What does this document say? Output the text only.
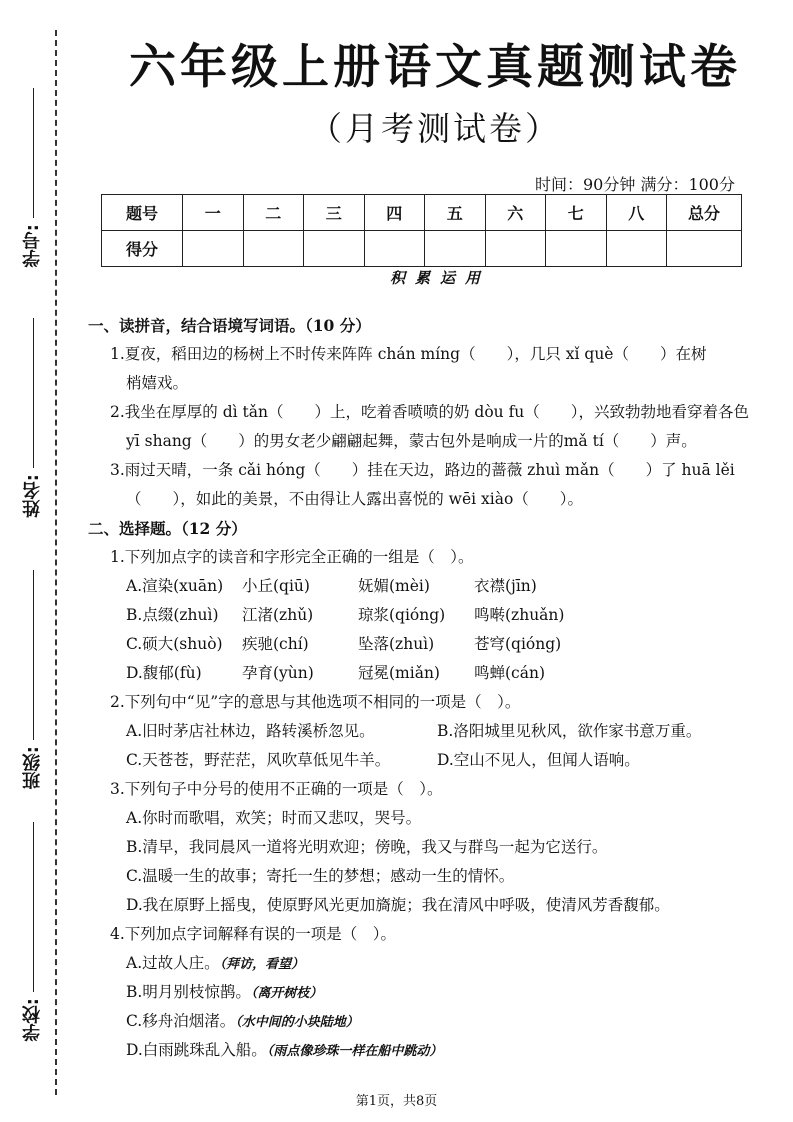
学号:
姓名:
班级:
学校:
六年级上册语文真题测试卷
（月考测试卷）
时间：90分钟 满分：100分
题号	一	二	三	四	五	六	七	八	总分
得分									
积累运用
一、读拼音，结合语境写词语。（10 分）
1.夏夜，稻田边的杨树上不时传来阵阵 chán míng（　　），几只 xǐ què（　　）在树
梢嬉戏。
2.我坐在厚厚的 dì tǎn（　　）上，吃着香喷喷的奶 dòu fu（　　），兴致勃勃地看穿着各色
yī shang（　　）的男女老少翩翩起舞，蒙古包外是响成一片的mǎ tí（　　）声。
3.雨过天晴，一条 cǎi hóng（　　）挂在天边，路边的蔷薇 zhuì mǎn（　　）了 huā lěi
（　　），如此的美景，不由得让人露出喜悦的 wēi xiào（　　）。
二、选择题。（12 分）
1.下列加点字的读音和字形完全正确的一组是（　）。
A.渲染(xuān)	小丘(qiū)	妩媚(mèi)	衣襟(jīn)
B.点缀(zhuì)	江渚(zhǔ)	琼浆(qióng)	鸣啭(zhuǎn)
C.硕大(shuò)	疾驰(chí)	坠落(zhuì)	苍穹(qióng)
D.馥郁(fù)	孕育(yùn)	冠冕(miǎn)	鸣蝉(cán)
2.下列句中“见”字的意思与其他选项不相同的一项是（　）。
A.旧时茅店社林边，路转溪桥忽见。	B.洛阳城里见秋风，欲作家书意万重。
C.天苍苍，野茫茫，风吹草低见牛羊。	D.空山不见人，但闻人语响。
3.下列句子中分号的使用不正确的一项是（　）。
A.你时而歌唱，欢笑；时而又悲叹，哭号。
B.清早，我同晨风一道将光明欢迎；傍晚，我又与群鸟一起为它送行。
C.温暖一生的故事；寄托一生的梦想；感动一生的情怀。
D.我在原野上摇曳，使原野风光更加旖旎；我在清风中呼吸，使清风芳香馥郁。
4.下列加点字词解释有误的一项是（　）。
A.过故人庄。（拜访，看望）
B.明月别枝惊鹊。（离开树枝）
C.移舟泊烟渚。（水中间的小块陆地）
D.白雨跳珠乱入船。（雨点像珍珠一样在船中跳动）
第1页，共8页
